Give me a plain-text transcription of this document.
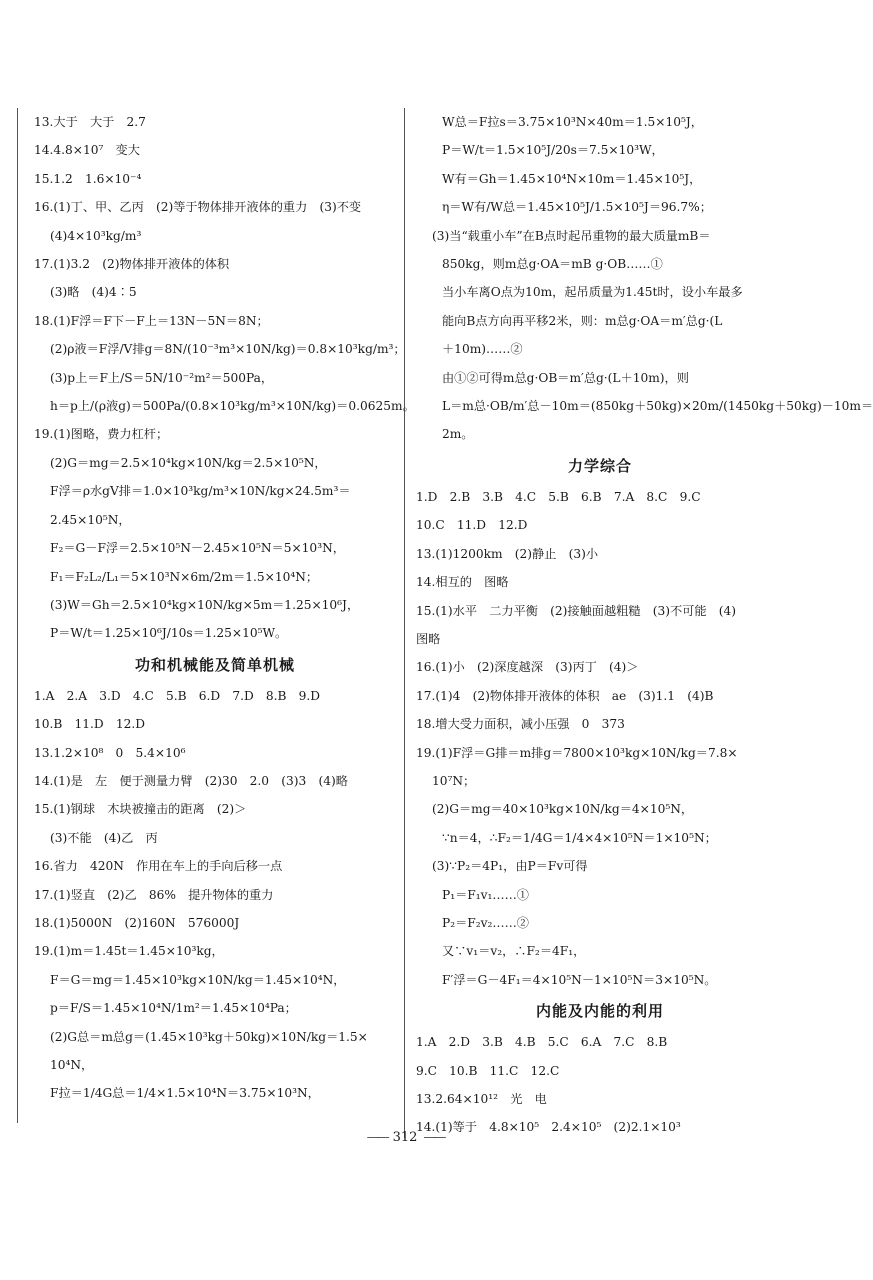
13.大于　大于　2.7
14.4.8×10⁷　变大
15.1.2　1.6×10⁻⁴
16.(1)丁、甲、乙丙　(2)等于物体排开液体的重力　(3)不变
(4)4×10³kg/m³
17.(1)3.2　(2)物体排开液体的体积
(3)略　(4)4∶5
18.(1)F浮＝F下－F上＝13N－5N＝8N；
(2)ρ液＝F浮/V排g＝8N/(10⁻³m³×10N/kg)＝0.8×10³kg/m³；
(3)p上＝F上/S＝5N/10⁻²m²＝500Pa，
h＝p上/(ρ液g)＝500Pa/(0.8×10³kg/m³×10N/kg)＝0.0625m。
19.(1)图略，费力杠杆；
(2)G＝mg＝2.5×10⁴kg×10N/kg＝2.5×10⁵N，
F浮＝ρ水gV排＝1.0×10³kg/m³×10N/kg×24.5m³＝
2.45×10⁵N，
F₂＝G－F浮＝2.5×10⁵N－2.45×10⁵N＝5×10³N，
F₁＝F₂L₂/L₁＝5×10³N×6m/2m＝1.5×10⁴N；
(3)W＝Gh＝2.5×10⁴kg×10N/kg×5m＝1.25×10⁶J，
P＝W/t＝1.25×10⁶J/10s＝1.25×10⁵W。
功和机械能及简单机械
1.A　2.A　3.D　4.C　5.B　6.D　7.D　8.B　9.D
10.B　11.D　12.D
13.1.2×10⁸　0　5.4×10⁶
14.(1)是　左　便于测量力臂　(2)30　2.0　(3)3　(4)略
15.(1)钢球　木块被撞击的距离　(2)＞
(3)不能　(4)乙　丙
16.省力　420N　作用在车上的手向后移一点
17.(1)竖直　(2)乙　86%　提升物体的重力
18.(1)5000N　(2)160N　576000J
19.(1)m＝1.45t＝1.45×10³kg，
F＝G＝mg＝1.45×10³kg×10N/kg＝1.45×10⁴N，
p＝F/S＝1.45×10⁴N/1m²＝1.45×10⁴Pa；
(2)G总＝m总g＝(1.45×10³kg＋50kg)×10N/kg＝1.5×
10⁴N，
F拉＝1/4G总＝1/4×1.5×10⁴N＝3.75×10³N，
W总＝F拉s＝3.75×10³N×40m＝1.5×10⁵J，
P＝W/t＝1.5×10⁵J/20s＝7.5×10³W，
W有＝Gh＝1.45×10⁴N×10m＝1.45×10⁵J，
η＝W有/W总＝1.45×10⁵J/1.5×10⁵J＝96.7%；
(3)当“载重小车”在B点时起吊重物的最大质量mB＝
850kg，则m总g·OA＝mB g·OB……①
当小车离O点为10m，起吊质量为1.45t时，设小车最多
能向B点方向再平移2米，则：m总g·OA＝m′总g·(L
＋10m)……②
由①②可得m总g·OB＝m′总g·(L＋10m)，则
L＝m总·OB/m′总－10m＝(850kg＋50kg)×20m/(1450kg＋50kg)－10m＝
2m。
力学综合
1.D　2.B　3.B　4.C　5.B　6.B　7.A　8.C　9.C
10.C　11.D　12.D
13.(1)1200km　(2)静止　(3)小
14.相互的　图略
15.(1)水平　二力平衡　(2)接触面越粗糙　(3)不可能　(4)
图略
16.(1)小　(2)深度越深　(3)丙丁　(4)＞
17.(1)4　(2)物体排开液体的体积　ae　(3)1.1　(4)B
18.增大受力面积，减小压强　0　373
19.(1)F浮＝G排＝m排g＝7800×10³kg×10N/kg＝7.8×
10⁷N；
(2)G＝mg＝40×10³kg×10N/kg＝4×10⁵N，
∵n＝4，∴F₂＝1/4G＝1/4×4×10⁵N＝1×10⁵N；
(3)∵P₂＝4P₁，由P＝Fv可得
P₁＝F₁v₁……①
P₂＝F₂v₂……②
又∵v₁＝v₂，∴F₂＝4F₁，
F′浮＝G－4F₁＝4×10⁵N－1×10⁵N＝3×10⁵N。
内能及内能的利用
1.A　2.D　3.B　4.B　5.C　6.A　7.C　8.B
9.C　10.B　11.C　12.C
13.2.64×10¹²　光　电
14.(1)等于　4.8×10⁵　2.4×10⁵　(2)2.1×10³
—— 312 ——
